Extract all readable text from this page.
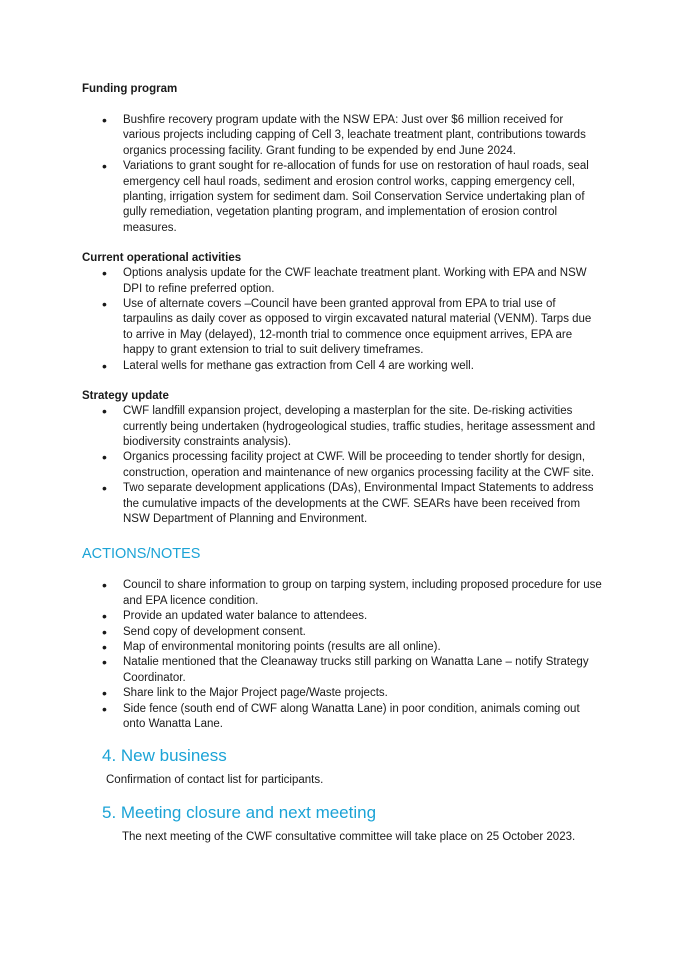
Funding program

• Bushfire recovery program update with the NSW EPA: Just over $6 million received for various projects including capping of Cell 3, leachate treatment plant, contributions towards organics processing facility. Grant funding to be expended by end June 2024.
• Variations to grant sought for re-allocation of funds for use on restoration of haul roads, seal emergency cell haul roads, sediment and erosion control works, capping emergency cell, planting, irrigation system for sediment dam. Soil Conservation Service undertaking plan of gully remediation, vegetation planting program, and implementation of erosion control measures.

Current operational activities

• Options analysis update for the CWF leachate treatment plant. Working with EPA and NSW DPI to refine preferred option.
• Use of alternate covers –Council have been granted approval from EPA to trial use of tarpaulins as daily cover as opposed to virgin excavated natural material (VENM). Tarps due to arrive in May (delayed), 12-month trial to commence once equipment arrives, EPA are happy to grant extension to trial to suit delivery timeframes.
• Lateral wells for methane gas extraction from Cell 4 are working well.

Strategy update

• CWF landfill expansion project, developing a masterplan for the site. De-risking activities currently being undertaken (hydrogeological studies, traffic studies, heritage assessment and biodiversity constraints analysis).
• Organics processing facility project at CWF. Will be proceeding to tender shortly for design, construction, operation and maintenance of new organics processing facility at the CWF site.
• Two separate development applications (DAs), Environmental Impact Statements to address the cumulative impacts of the developments at the CWF. SEARs have been received from NSW Department of Planning and Environment.
ACTIONS/NOTES
• Council to share information to group on tarping system, including proposed procedure for use and EPA licence condition.
• Provide an updated water balance to attendees.
• Send copy of development consent.
• Map of environmental monitoring points (results are all online).
• Natalie mentioned that the Cleanaway trucks still parking on Wanatta Lane – notify Strategy Coordinator.
• Share link to the Major Project page/Waste projects.
• Side fence (south end of CWF along Wanatta Lane) in poor condition, animals coming out onto Wanatta Lane.
4. New business

Confirmation of contact list for participants.

5. Meeting closure and next meeting

The next meeting of the CWF consultative committee will take place on 25 October 2023.
